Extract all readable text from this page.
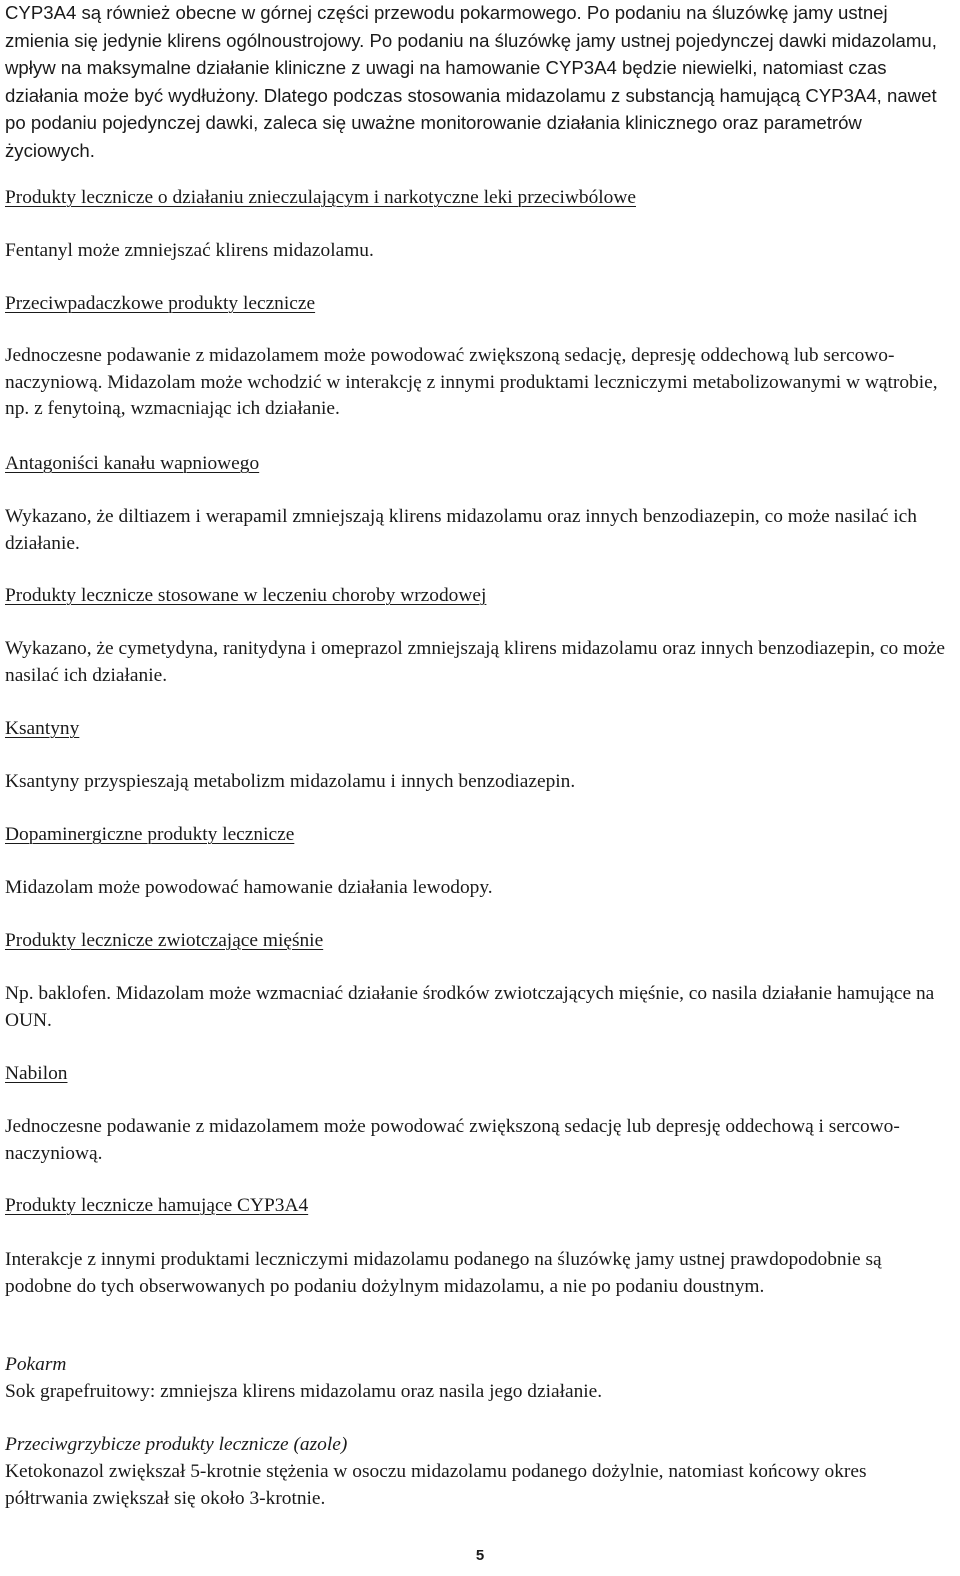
CYP3A4 są również obecne w górnej części przewodu pokarmowego. Po podaniu na śluzówkę jamy ustnej zmienia się jedynie klirens ogólnoustrojowy. Po podaniu na śluzówkę jamy ustnej pojedynczej dawki midazolamu, wpływ na maksymalne działanie kliniczne z uwagi na hamowanie CYP3A4 będzie niewielki, natomiast czas działania może być wydłużony. Dlatego podczas stosowania midazolamu z substancją hamującą CYP3A4, nawet po podaniu pojedynczej dawki, zaleca się uważne monitorowanie działania klinicznego oraz parametrów życiowych.

Produkty lecznicze o działaniu znieczulającym i narkotyczne leki przeciwbólowe

Fentanyl może zmniejszać klirens midazolamu.

Przeciwpadaczkowe produkty lecznicze

Jednoczesne podawanie z midazolamem może powodować zwiększoną sedację, depresję oddechową lub sercowo-naczyniową. Midazolam może wchodzić w interakcję z innymi produktami leczniczymi metabolizowanymi w wątrobie, np. z fenytoiną, wzmacniając ich działanie.

Antagoniści kanału wapniowego

Wykazano, że diltiazem i werapamil zmniejszają klirens midazolamu oraz innych benzodiazepin, co może nasilać ich działanie.

Produkty lecznicze stosowane w leczeniu choroby wrzodowej

Wykazano, że cymetydyna, ranitydyna i omeprazol zmniejszają klirens midazolamu oraz innych benzodiazepin, co może nasilać ich działanie.

Ksantyny

Ksantyny przyspieszają metabolizm midazolamu i innych benzodiazepin.

Dopaminergiczne produkty lecznicze

Midazolam może powodować hamowanie działania lewodopy.

Produkty lecznicze zwiotczające mięśnie

Np. baklofen. Midazolam może wzmacniać działanie środków zwiotczających mięśnie, co nasila działanie hamujące na OUN.

Nabilon

Jednoczesne podawanie z midazolamem może powodować zwiększoną sedację lub depresję oddechową i sercowo-naczyniową.

Produkty lecznicze hamujące CYP3A4

Interakcje z innymi produktami leczniczymi midazolamu podanego na śluzówkę jamy ustnej prawdopodobnie są podobne do tych obserwowanych po podaniu dożylnym midazolamu, a nie po podaniu doustnym.

Pokarm

Sok grapefruitowy: zmniejsza klirens midazolamu oraz nasila jego działanie.

Przeciwgrzybicze produkty lecznicze (azole)

Ketokonazol zwiększał 5-krotnie stężenia w osoczu midazolamu podanego dożylnie, natomiast końcowy okres półtrwania zwiększał się około 3-krotnie.

5
